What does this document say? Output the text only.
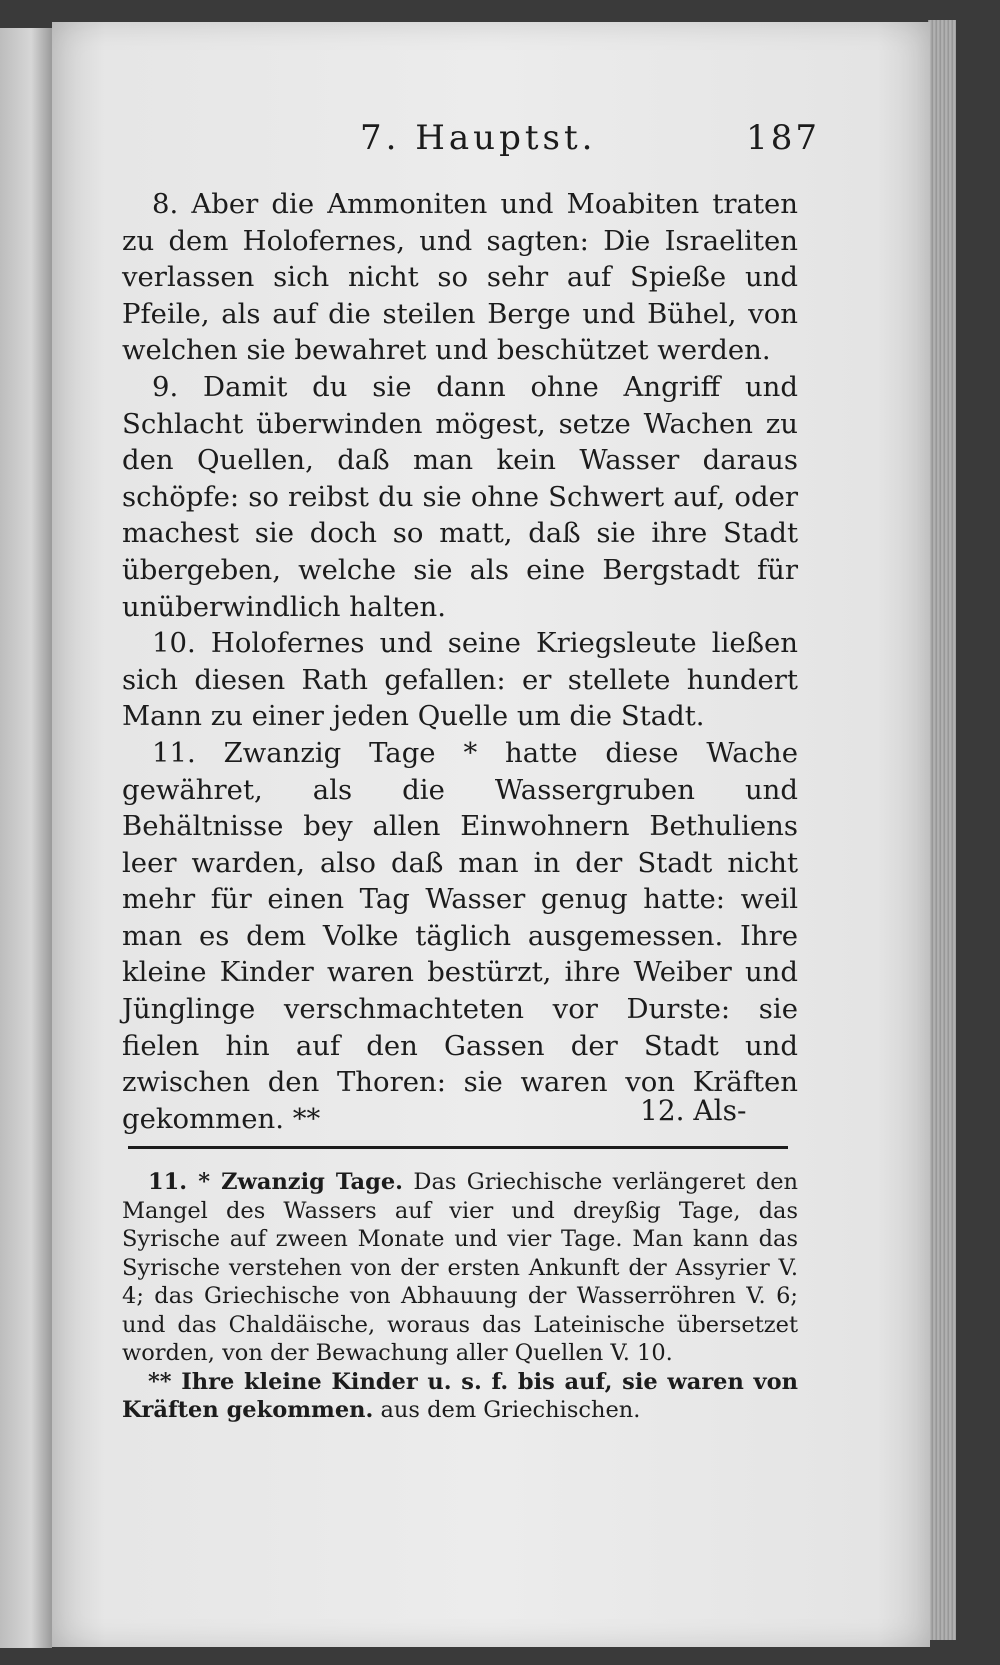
7. Hauptst.	187

8. Aber die Ammoniten und Moabiten traten zu dem Holofernes, und sagten: Die Israeliten verlassen sich nicht so sehr auf Spieße und Pfeile, als auf die steilen Berge und Bühel, von welchen sie bewahret und beschützet werden.

9. Damit du sie dann ohne Angriff und Schlacht überwinden mögest, setze Wachen zu den Quellen, daß man kein Wasser daraus schöpfe: so reibst du sie ohne Schwert auf, oder machest sie doch so matt, daß sie ihre Stadt übergeben, welche sie als eine Bergstadt für unüberwindlich halten.

10. Holofernes und seine Kriegsleute ließen sich diesen Rath gefallen: er stellete hundert Mann zu einer jeden Quelle um die Stadt.

11. Zwanzig Tage * hatte diese Wache gewähret, als die Wassergruben und Behältnisse bey allen Einwohnern Bethuliens leer warden, also daß man in der Stadt nicht mehr für einen Tag Wasser genug hatte: weil man es dem Volke täglich ausgemessen. Ihre kleine Kinder waren bestürzt, ihre Weiber und Jünglinge verschmachteten vor Durste: sie fielen hin auf den Gassen der Stadt und zwischen den Thoren: sie waren von Kräften gekommen. **	12. Als-

11. * Zwanzig Tage. Das Griechische verlängeret den Mangel des Wassers auf vier und dreyßig Tage, das Syrische auf zween Monate und vier Tage. Man kann das Syrische verstehen von der ersten Ankunft der Assyrier V. 4; das Griechische von Abhauung der Wasserröhren V. 6; und das Chaldäische, woraus das Lateinische übersetzet worden, von der Bewachung aller Quellen V. 10.

** Ihre kleine Kinder u. s. f. bis auf, sie waren von Kräften gekommen. aus dem Griechischen.
